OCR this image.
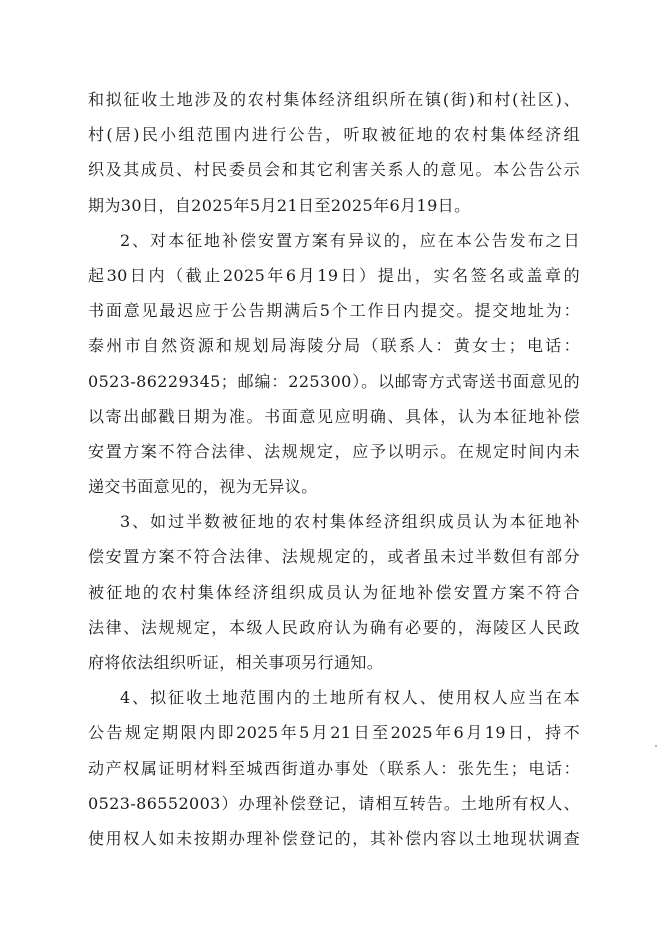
和拟征收土地涉及的农村集体经济组织所在镇(街)和村(社区)、
村(居)民小组范围内进行公告，听取被征地的农村集体经济组
织及其成员、村民委员会和其它利害关系人的意见。本公告公示
期为30日，自2025年5月21日至2025年6月19日。
2、对本征地补偿安置方案有异议的，应在本公告发布之日
起30日内（截止2025年6月19日）提出，实名签名或盖章的
书面意见最迟应于公告期满后5个工作日内提交。提交地址为：
泰州市自然资源和规划局海陵分局（联系人：黄女士；电话：
0523-86229345；邮编：225300）。以邮寄方式寄送书面意见的
以寄出邮戳日期为准。书面意见应明确、具体，认为本征地补偿
安置方案不符合法律、法规规定，应予以明示。在规定时间内未
递交书面意见的，视为无异议。
3、如过半数被征地的农村集体经济组织成员认为本征地补
偿安置方案不符合法律、法规规定的，或者虽未过半数但有部分
被征地的农村集体经济组织成员认为征地补偿安置方案不符合
法律、法规规定，本级人民政府认为确有必要的，海陵区人民政
府将依法组织听证，相关事项另行通知。
4、拟征收土地范围内的土地所有权人、使用权人应当在本
公告规定期限内即2025年5月21日至2025年6月19日，持不
动产权属证明材料至城西街道办事处（联系人：张先生；电话：
0523-86552003）办理补偿登记，请相互转告。土地所有权人、
使用权人如未按期办理补偿登记的，其补偿内容以土地现状调查
